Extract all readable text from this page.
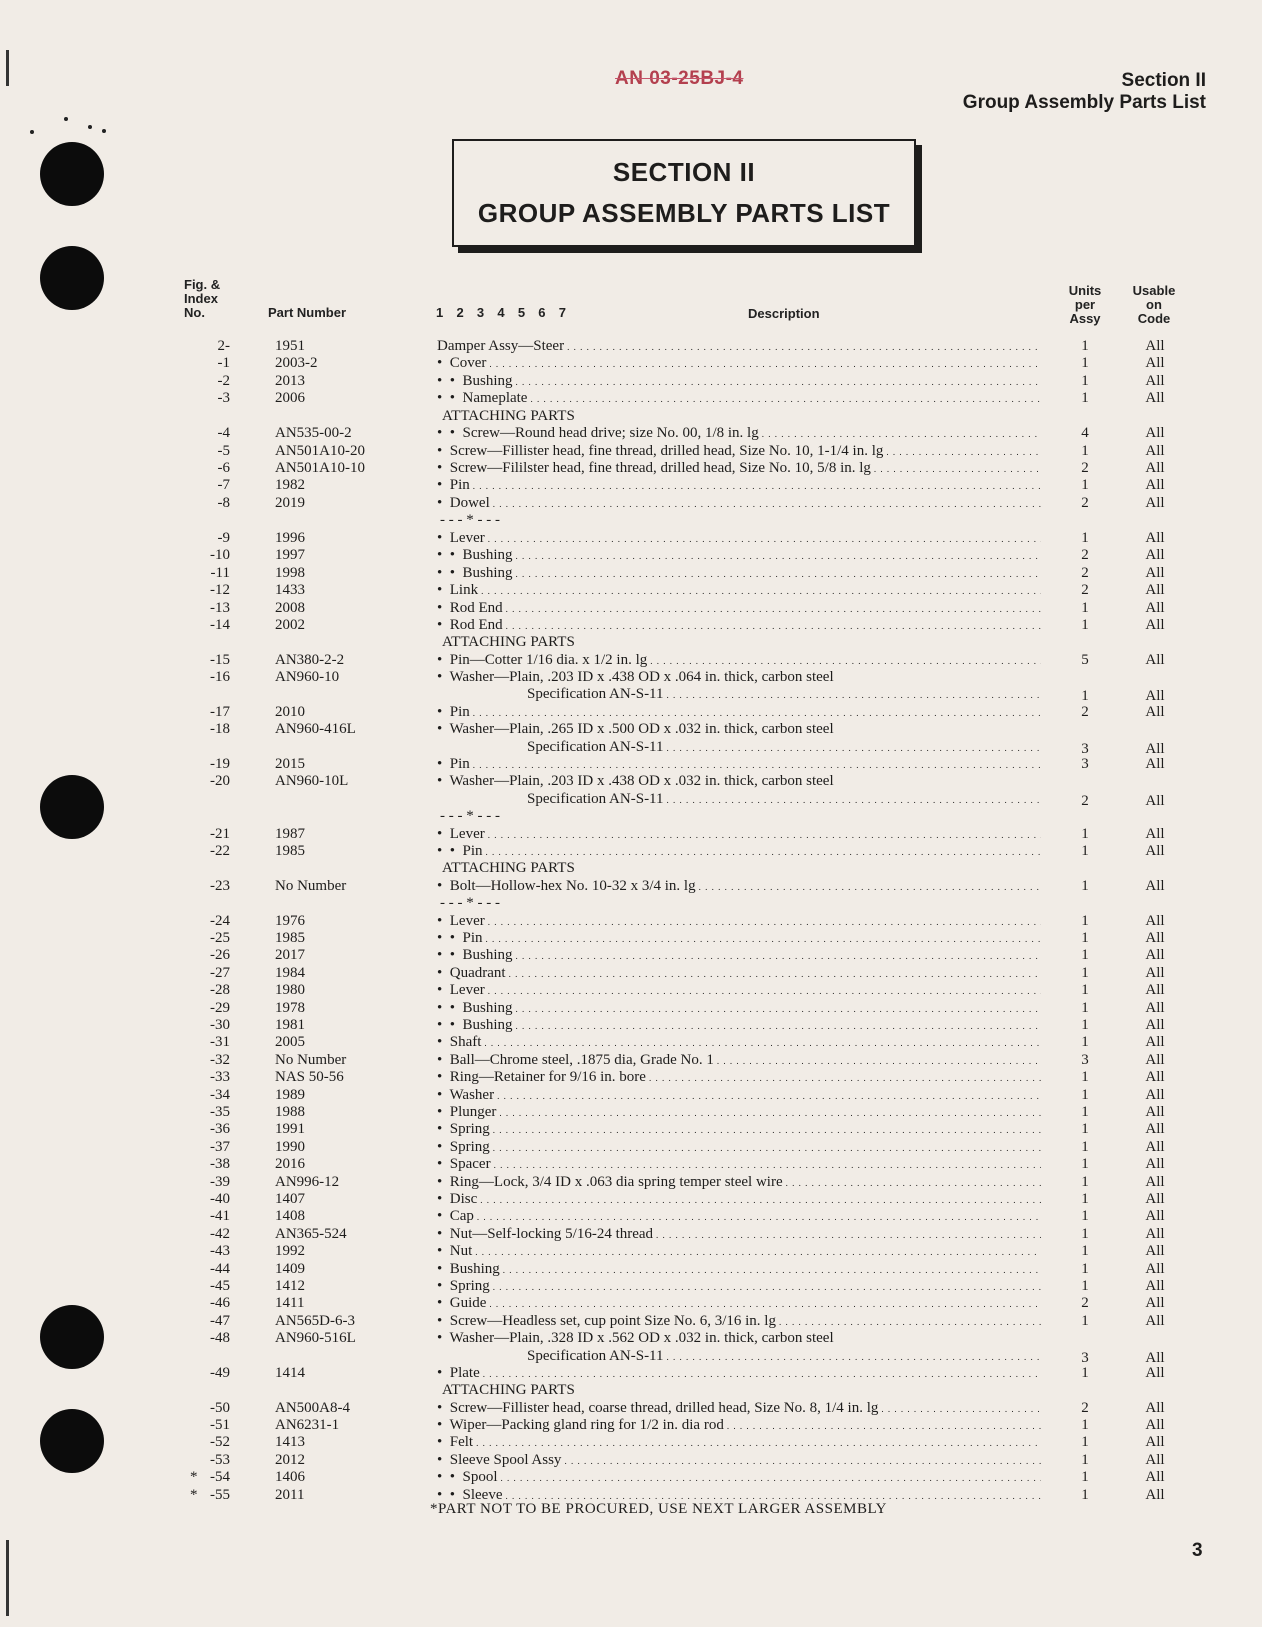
AN 03-25BJ-4	Section II
Group Assembly Parts List
SECTION II
GROUP ASSEMBLY PARTS LIST
Fig. &
Index
No.	Part Number	1  2  3  4  5  6  7	Description
Units
per
Assy
Usable
on
Code
2-	1951	Damper Assy—Steer . . .	1	All
-1	2003-2	•  Cover . . .	1	All
-2	2013	•  •  Bushing . . .	1	All
-3	2006	•  •  Nameplate . . .	1	All
ATTACHING PARTS
-4	AN535-00-2	•  •  Screw—Round head drive; size No. 00, 1/8 in. lg . . .	4	All
-5	AN501A10-20	•  Screw—Fillister head, fine thread, drilled head, Size No. 10, 1-1/4 in. lg . . .	1	All
-6	AN501A10-10	•  Screw—Fililster head, fine thread, drilled head, Size No. 10, 5/8 in. lg . . .	2	All
-7	1982	•  Pin . . .	1	All
-8	2019	•  Dowel . . .	2	All
- - - * - - -
-9	1996	•  Lever . . .	1	All
-10	1997	•  •  Bushing . . .	2	All
-11	1998	•  •  Bushing . . .	2	All
-12	1433	•  Link . . .	2	All
-13	2008	•  Rod End . . .	1	All
-14	2002	•  Rod End . . .	1	All
ATTACHING PARTS
-15	AN380-2-2	•  Pin—Cotter 1/16 dia. x 1/2 in. lg . . .	5	All
-16	AN960-10	•  Washer—Plain, .203 ID x .438 OD x .064 in. thick, carbon steel
Specification AN-S-11 . . .	1	All
-17	2010	•  Pin . . .	2	All
-18	AN960-416L	•  Washer—Plain, .265 ID x .500 OD x .032 in. thick, carbon steel
Specification AN-S-11 . . .	3	All
-19	2015	•  Pin . . .	3	All
-20	AN960-10L	•  Washer—Plain, .203 ID x .438 OD x .032 in. thick, carbon steel
Specification AN-S-11 . . .	2	All
- - - * - - -
-21	1987	•  Lever . . .	1	All
-22	1985	•  •  Pin . . .	1	All
ATTACHING PARTS
-23	No Number	•  Bolt—Hollow-hex No. 10-32 x 3/4 in. lg . . .	1	All
- - - * - - -
-24	1976	•  Lever . . .	1	All
-25	1985	•  •  Pin . . .	1	All
-26	2017	•  •  Bushing . . .	1	All
-27	1984	•  Quadrant . . .	1	All
-28	1980	•  Lever . . .	1	All
-29	1978	•  •  Bushing . . .	1	All
-30	1981	•  •  Bushing . . .	1	All
-31	2005	•  Shaft . . .	1	All
-32	No Number	•  Ball—Chrome steel, .1875 dia, Grade No. 1 . . .	3	All
-33	NAS 50-56	•  Ring—Retainer for 9/16 in. bore . . .	1	All
-34	1989	•  Washer . . .	1	All
-35	1988	•  Plunger . . .	1	All
-36	1991	•  Spring . . .	1	All
-37	1990	•  Spring . . .	1	All
-38	2016	•  Spacer . . .	1	All
-39	AN996-12	•  Ring—Lock, 3/4 ID x .063 dia spring temper steel wire . . .	1	All
-40	1407	•  Disc . . .	1	All
-41	1408	•  Cap . . .	1	All
-42	AN365-524	•  Nut—Self-locking 5/16-24 thread . . .	1	All
-43	1992	•  Nut . . .	1	All
-44	1409	•  Bushing . . .	1	All
-45	1412	•  Spring . . .	1	All
-46	1411	•  Guide . . .	2	All
-47	AN565D-6-3	•  Screw—Headless set, cup point Size No. 6, 3/16 in. lg . . .	1	All
-48	AN960-516L	•  Washer—Plain, .328 ID x .562 OD x .032 in. thick, carbon steel
Specification AN-S-11 . . .	3	All
-49	1414	•  Plate . . .	1	All
ATTACHING PARTS
-50	AN500A8-4	•  Screw—Fillister head, coarse thread, drilled head, Size No. 8, 1/4 in. lg . . .	2	All
-51	AN6231-1	•  Wiper—Packing gland ring for 1/2 in. dia rod . . .	1	All
-52	1413	•  Felt . . .	1	All
-53	2012	•  Sleeve Spool Assy . . .	1	All
* -54	1406	•  •  Spool . . .	1	All
* -55	2011	•  •  Sleeve . . .	1	All
*PART NOT TO BE PROCURED, USE NEXT LARGER ASSEMBLY
3
